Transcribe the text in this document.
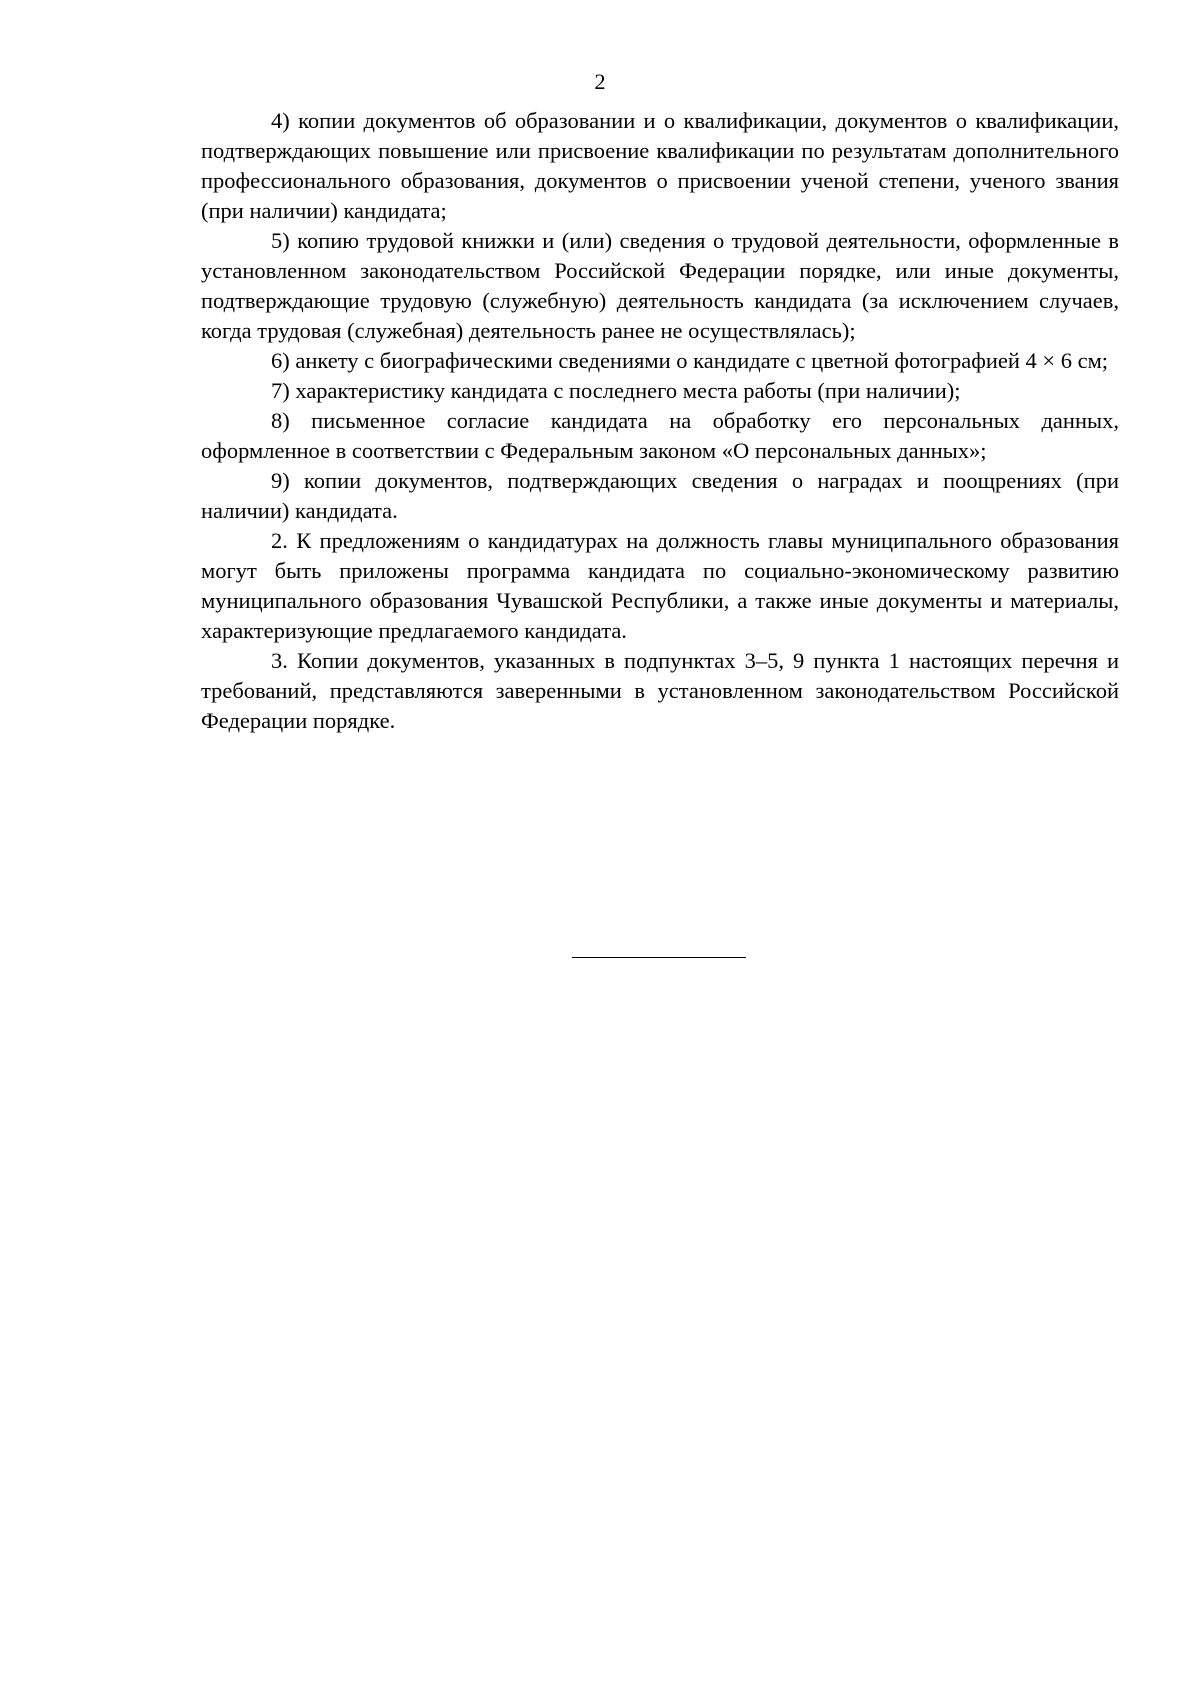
2

4) копии документов об образовании и о квалификации, документов о квалификации, подтверждающих повышение или присвоение квалификации по результатам дополнительного профессионального образования, документов о присвоении ученой степени, ученого звания (при наличии) кандидата;

5) копию трудовой книжки и (или) сведения о трудовой деятельности, оформленные в установленном законодательством Российской Федерации порядке, или иные документы, подтверждающие трудовую (служебную) деятельность кандидата (за исключением случаев, когда трудовая (служебная) деятельность ранее не осуществлялась);

6) анкету с биографическими сведениями о кандидате с цветной фотографией 4 × 6 см;

7) характеристику кандидата с последнего места работы (при наличии);

8) письменное согласие кандидата на обработку его персональных данных, оформленное в соответствии с Федеральным законом «О персональных данных»;

9) копии документов, подтверждающих сведения о наградах и поощрениях (при наличии) кандидата.

2. К предложениям о кандидатурах на должность главы муниципального образования могут быть приложены программа кандидата по социально-экономическому развитию муниципального образования Чувашской Республики, а также иные документы и материалы, характеризующие предлагаемого кандидата.

3. Копии документов, указанных в подпунктах 3–5, 9 пункта 1 настоящих перечня и требований, представляются заверенными в установленном законодательством Российской Федерации порядке.
